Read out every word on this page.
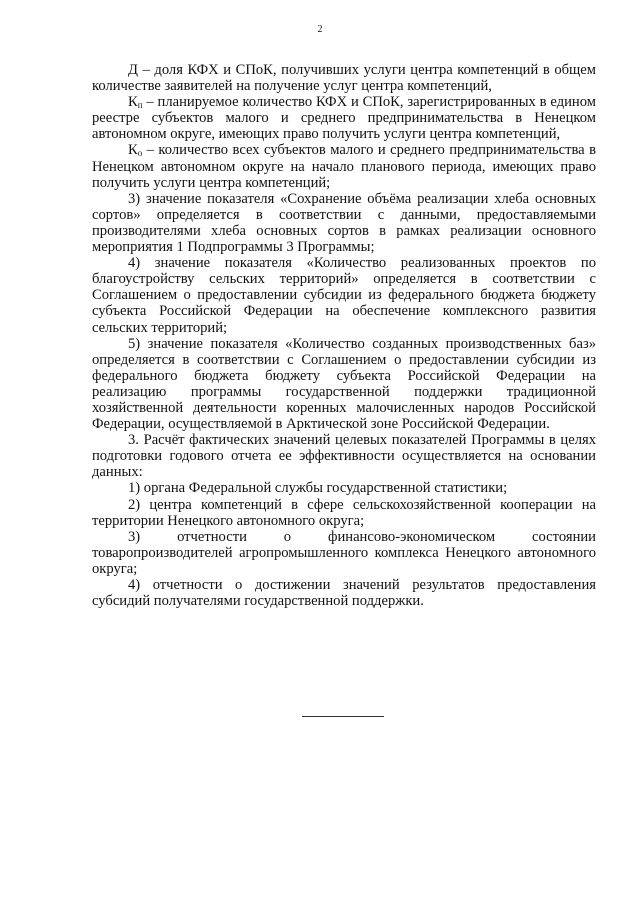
2

Д – доля КФХ и СПоК, получивших услуги центра компетенций в общем количестве заявителей на получение услуг центра компетенций,

$К_п$ – планируемое количество КФХ и СПоК, зарегистрированных в едином реестре субъектов малого и среднего предпринимательства в Ненецком автономном округе, имеющих право получить услуги центра компетенций,

$К_о$ – количество всех субъектов малого и среднего предпринимательства в Ненецком автономном округе на начало планового периода, имеющих право получить услуги центра компетенций;

3) значение показателя «Сохранение объёма реализации хлеба основных сортов» определяется в соответствии с данными, предоставляемыми производителями хлеба основных сортов в рамках реализации основного мероприятия 1 Подпрограммы 3 Программы;

4) значение показателя «Количество реализованных проектов по благоустройству сельских территорий» определяется в соответствии с Соглашением о предоставлении субсидии из федерального бюджета бюджету субъекта Российской Федерации на обеспечение комплексного развития сельских территорий;

5) значение показателя «Количество созданных производственных баз» определяется в соответствии с Соглашением о предоставлении субсидии из федерального бюджета бюджету субъекта Российской Федерации на реализацию программы государственной поддержки традиционной хозяйственной деятельности коренных малочисленных народов Российской Федерации, осуществляемой в Арктической зоне Российской Федерации.

3. Расчёт фактических значений целевых показателей Программы в целях подготовки годового отчета ее эффективности осуществляется на основании данных:

1) органа Федеральной службы государственной статистики;

2) центра компетенций в сфере сельскохозяйственной кооперации на территории Ненецкого автономного округа;

3) отчетности о финансово-экономическом состоянии товаропроизводителей агропромышленного комплекса Ненецкого автономного округа;

4) отчетности о достижении значений результатов предоставления субсидий получателями государственной поддержки.
